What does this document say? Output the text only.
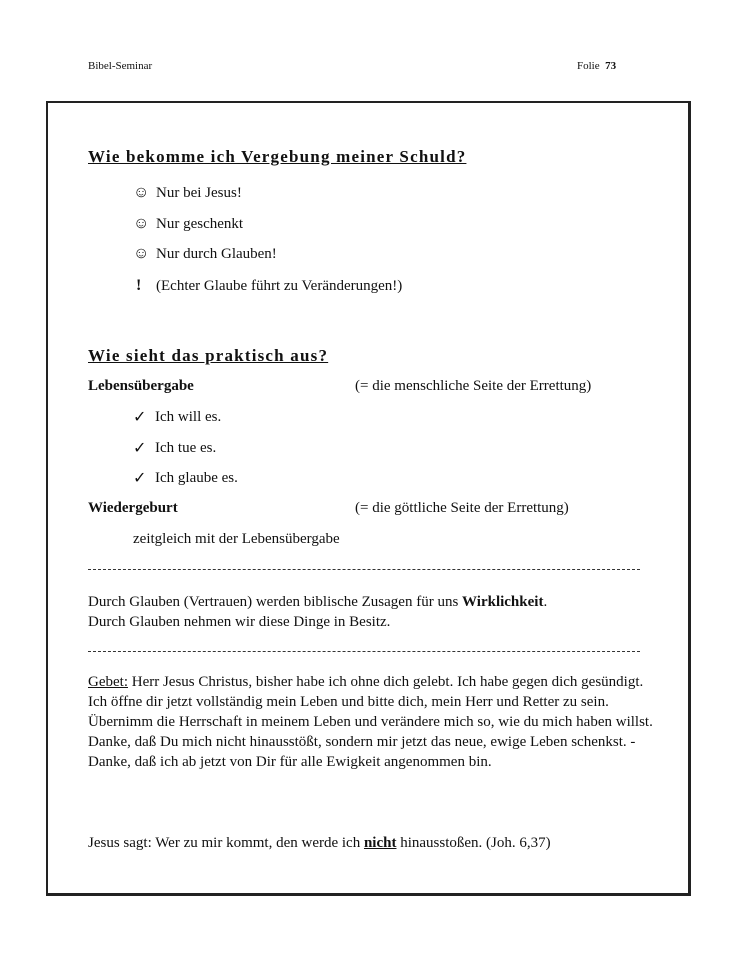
Bibel-Seminar	Folie 73
Wie bekomme ich Vergebung meiner Schuld?
☺ Nur bei Jesus!
☺ Nur geschenkt
☺ Nur durch Glauben!
! (Echter Glaube führt zu Veränderungen!)
Wie sieht das praktisch aus?
Lebensübergabe	(= die menschliche Seite der Errettung)
✓ Ich will es.
✓ Ich tue es.
✓ Ich glaube es.
Wiedergeburt	(= die göttliche Seite der Errettung)
zeitgleich mit der Lebensübergabe
Durch Glauben (Vertrauen) werden biblische Zusagen für uns Wirklichkeit.
Durch Glauben nehmen wir diese Dinge in Besitz.
Gebet: Herr Jesus Christus, bisher habe ich ohne dich gelebt. Ich habe gegen dich gesündigt. Ich öffne dir jetzt vollständig mein Leben und bitte dich, mein Herr und Retter zu sein. Übernimm die Herrschaft in meinem Leben und verändere mich so, wie du mich haben willst.
Danke, daß Du mich nicht hinausstößt, sondern mir jetzt das neue, ewige Leben schenkst. - Danke, daß ich ab jetzt von Dir für alle Ewigkeit angenommen bin.
Jesus sagt: Wer zu mir kommt, den werde ich nicht hinausstoßen. (Joh. 6,37)
